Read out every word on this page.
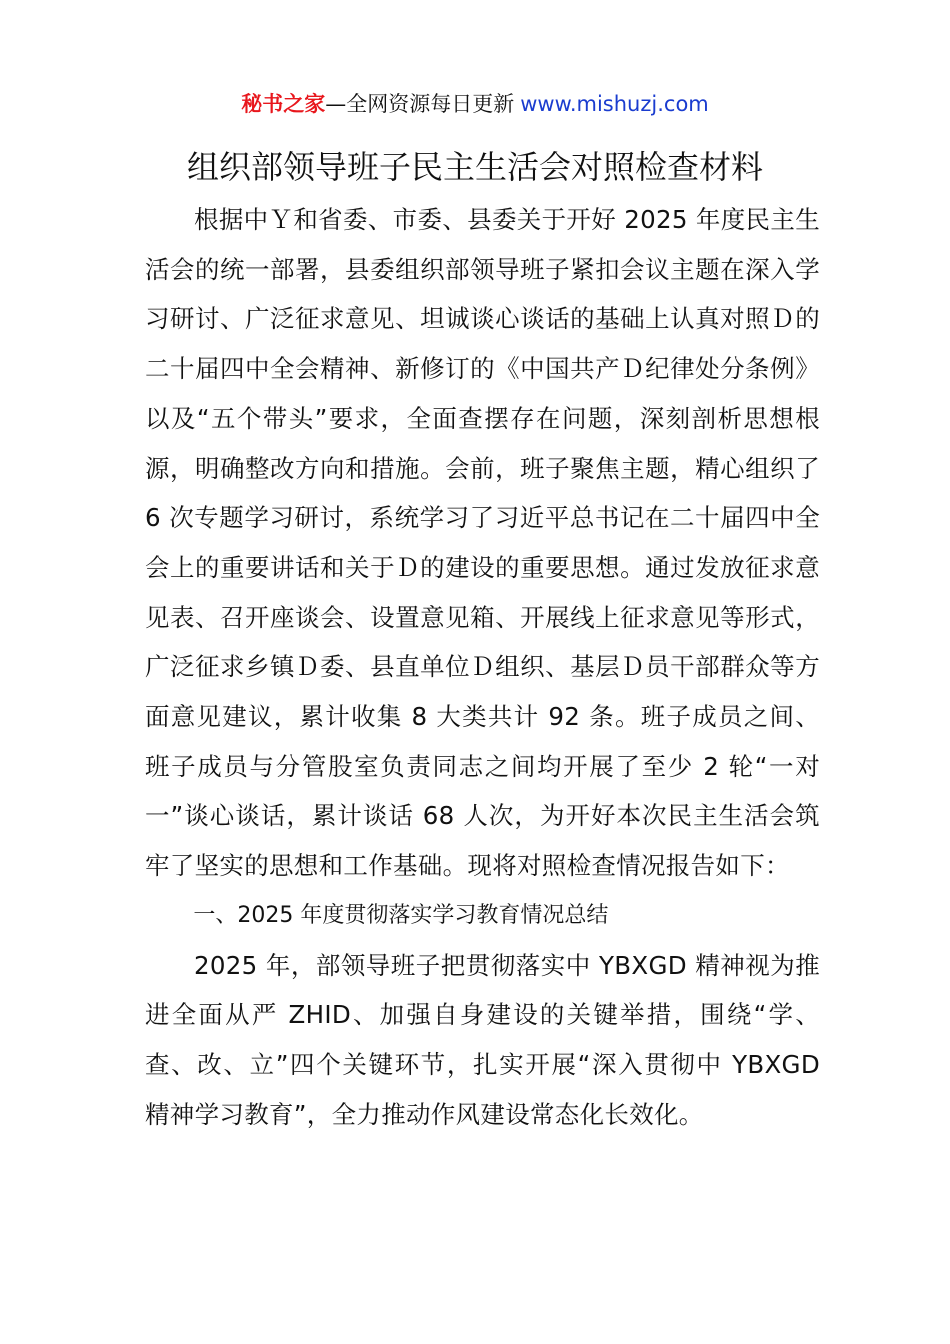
秘书之家—全网资源每日更新 www.mishuzj.com
组织部领导班子民主生活会对照检查材料

根据中Ｙ和省委、市委、县委关于开好 2025 年度民主生活会的统一部署，县委组织部领导班子紧扣会议主题在深入学习研讨、广泛征求意见、坦诚谈心谈话的基础上认真对照Ｄ的二十届四中全会精神、新修订的《中国共产Ｄ纪律处分条例》以及“五个带头”要求，全面查摆存在问题，深刻剖析思想根源，明确整改方向和措施。会前，班子聚焦主题，精心组织了 6 次专题学习研讨，系统学习了习近平总书记在二十届四中全会上的重要讲话和关于Ｄ的建设的重要思想。通过发放征求意见表、召开座谈会、设置意见箱、开展线上征求意见等形式，广泛征求乡镇Ｄ委、县直单位Ｄ组织、基层Ｄ员干部群众等方面意见建议，累计收集 8 大类共计 92 条。班子成员之间、班子成员与分管股室负责同志之间均开展了至少 2 轮“一对一”谈心谈话，累计谈话 68 人次，为开好本次民主生活会筑牢了坚实的思想和工作基础。现将对照检查情况报告如下：

一、2025 年度贯彻落实学习教育情况总结

2025 年，部领导班子把贯彻落实中 YBXGD 精神视为推进全面从严 ZHID、加强自身建设的关键举措，围绕“学、查、改、立”四个关键环节，扎实开展“深入贯彻中 YBXGD 精神学习教育”，全力推动作风建设常态化长效化。
